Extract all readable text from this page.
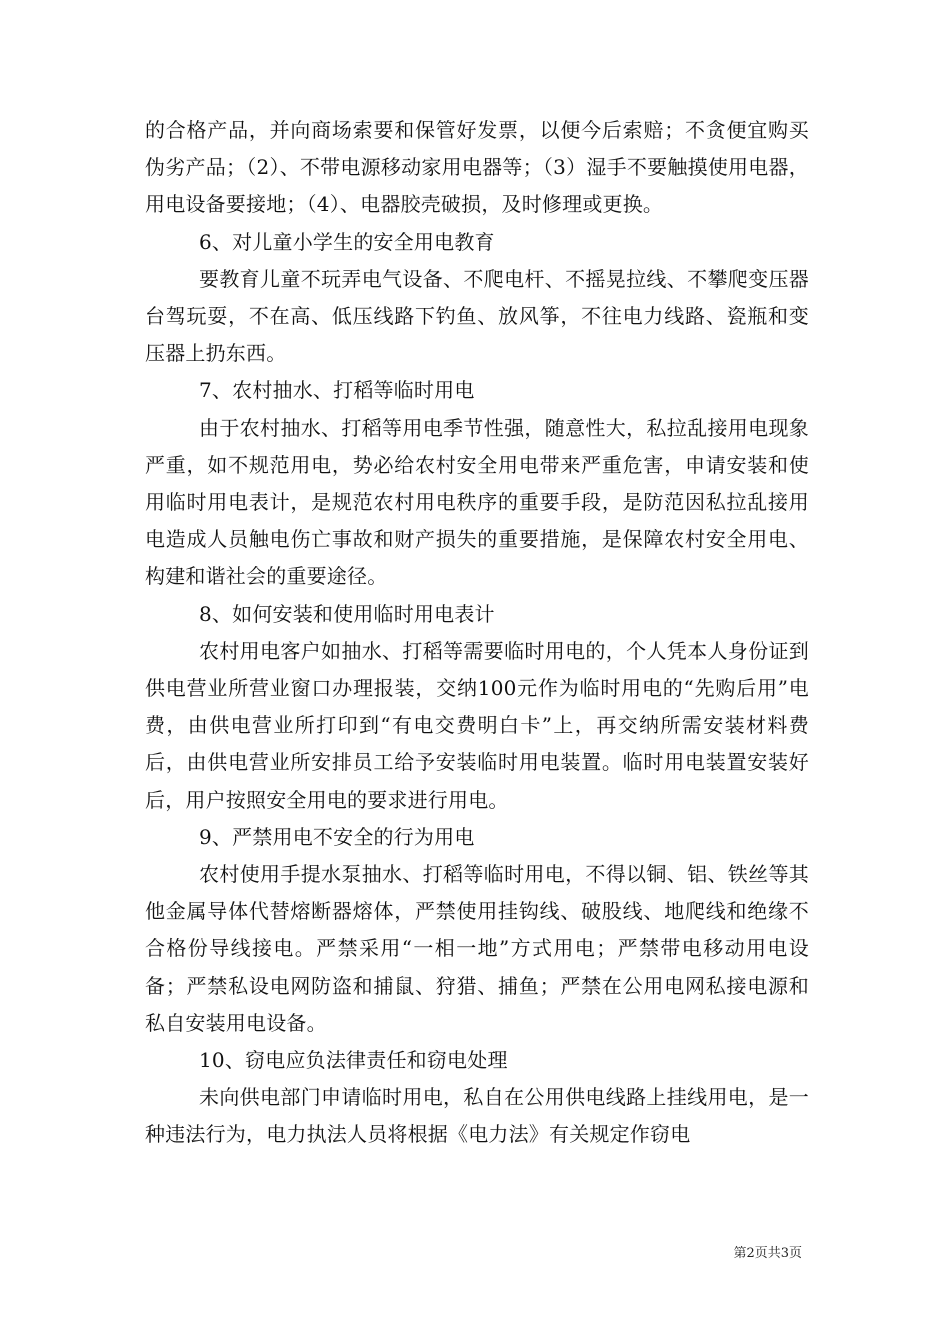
的合格产品，并向商场索要和保管好发票，以便今后索赔；不贪便宜购买伪劣产品；（2）、不带电源移动家用电器等；（3）湿手不要触摸使用电器，用电设备要接地；（4）、电器胶壳破损，及时修理或更换。

6、对儿童小学生的安全用电教育

要教育儿童不玩弄电气设备、不爬电杆、不摇晃拉线、不攀爬变压器台驾玩耍，不在高、低压线路下钓鱼、放风筝，不往电力线路、瓷瓶和变压器上扔东西。

7、农村抽水、打稻等临时用电

由于农村抽水、打稻等用电季节性强，随意性大，私拉乱接用电现象严重，如不规范用电，势必给农村安全用电带来严重危害，申请安装和使用临时用电表计，是规范农村用电秩序的重要手段，是防范因私拉乱接用电造成人员触电伤亡事故和财产损失的重要措施，是保障农村安全用电、构建和谐社会的重要途径。

8、如何安装和使用临时用电表计

农村用电客户如抽水、打稻等需要临时用电的，个人凭本人身份证到供电营业所营业窗口办理报装，交纳100元作为临时用电的“先购后用”电费，由供电营业所打印到“有电交费明白卡”上，再交纳所需安装材料费后，由供电营业所安排员工给予安装临时用电装置。临时用电装置安装好后，用户按照安全用电的要求进行用电。

9、严禁用电不安全的行为用电

农村使用手提水泵抽水、打稻等临时用电，不得以铜、铝、铁丝等其他金属导体代替熔断器熔体，严禁使用挂钩线、破股线、地爬线和绝缘不合格份导线接电。严禁采用“一相一地”方式用电；严禁带电移动用电设备；严禁私设电网防盗和捕鼠、狩猎、捕鱼；严禁在公用电网私接电源和私自安装用电设备。

10、窃电应负法律责任和窃电处理

未向供电部门申请临时用电，私自在公用供电线路上挂线用电，是一种违法行为，电力执法人员将根据《电力法》有关规定作窃电

第2页共3页
